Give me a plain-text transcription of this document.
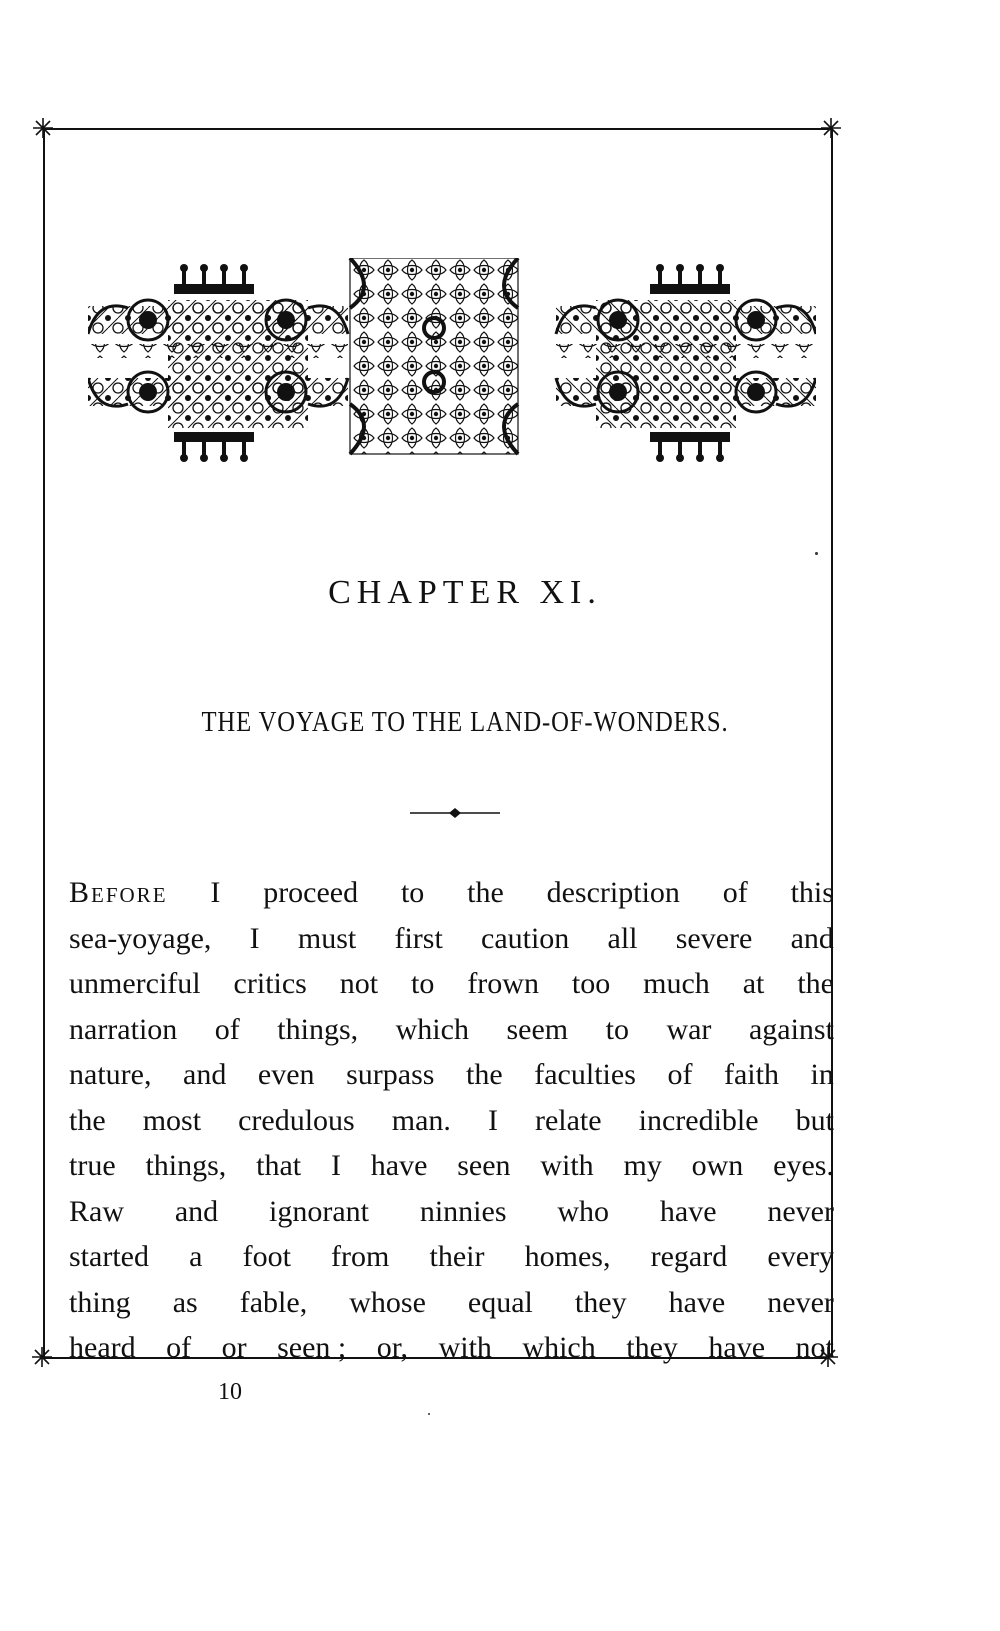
CHAPTER XI.
THE VOYAGE TO THE LAND-OF-WONDERS.
Before I proceed to the description of this
sea-yoyage, I must first caution all severe and
unmerciful critics not to frown too much at the
narration of things, which seem to war against
nature, and even surpass the faculties of faith in
the most credulous man. I relate incredible but
true things, that I have seen with my own eyes.
Raw and ignorant ninnies who have never
started a foot from their homes, regard every
thing as fable, whose equal they have never
heard of or seen ; or, with which they have not
10
